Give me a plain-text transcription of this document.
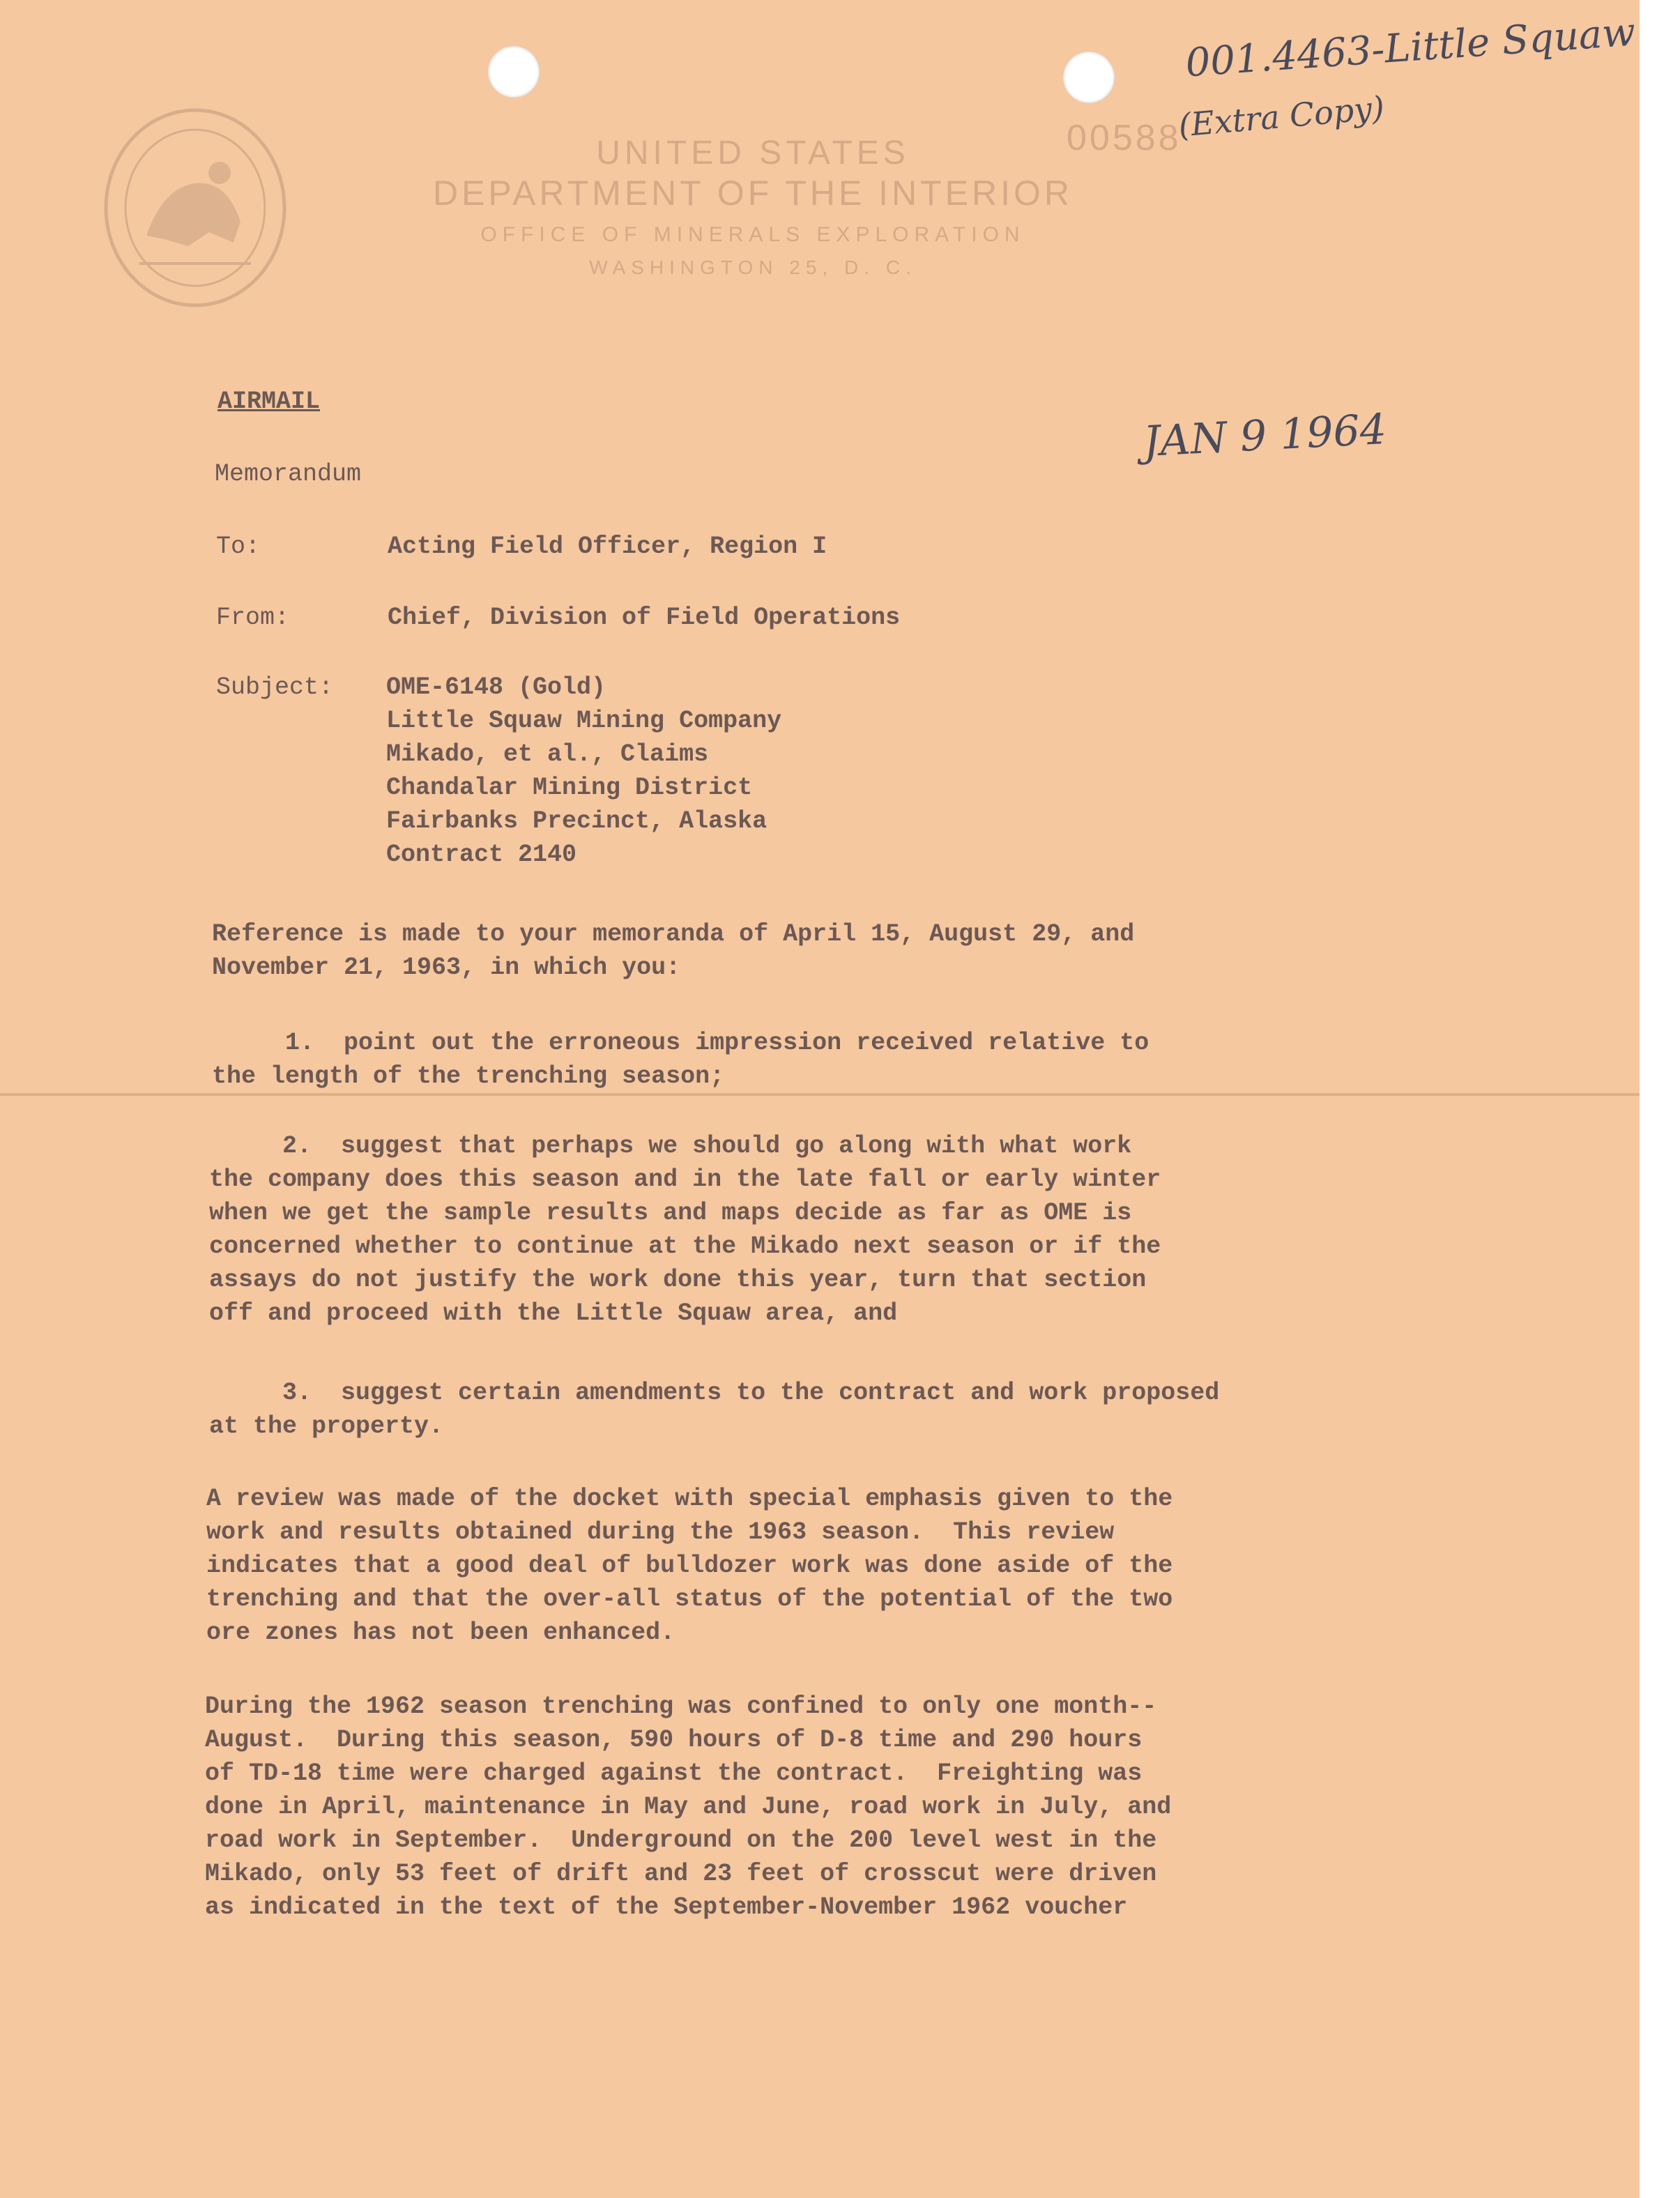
UNITED STATES
DEPARTMENT OF THE INTERIOR
OFFICE OF MINERALS EXPLORATION
WASHINGTON 25, D. C.
00588
001.4463-Little Squaw
(Extra Copy)
JAN 9 1964
AIRMAIL
Memorandum
To:	Acting Field Officer, Region I
From:	Chief, Division of Field Operations
Subject: OME-6148 (Gold)
Little Squaw Mining Company
Mikado, et al., Claims
Chandalar Mining District
Fairbanks Precinct, Alaska
Contract 2140
Reference is made to your memoranda of April 15, August 29, and
November 21, 1963, in which you:
1.  point out the erroneous impression received relative to
the length of the trenching season;
2.  suggest that perhaps we should go along with what work
the company does this season and in the late fall or early winter
when we get the sample results and maps decide as far as OME is
concerned whether to continue at the Mikado next season or if the
assays do not justify the work done this year, turn that section
off and proceed with the Little Squaw area, and
3.  suggest certain amendments to the contract and work proposed
at the property.
A review was made of the docket with special emphasis given to the
work and results obtained during the 1963 season.  This review
indicates that a good deal of bulldozer work was done aside of the
trenching and that the over-all status of the potential of the two
ore zones has not been enhanced.
During the 1962 season trenching was confined to only one month--
August.  During this season, 590 hours of D-8 time and 290 hours
of TD-18 time were charged against the contract.  Freighting was
done in April, maintenance in May and June, road work in July, and
road work in September.  Underground on the 200 level west in the
Mikado, only 53 feet of drift and 23 feet of crosscut were driven
as indicated in the text of the September-November 1962 voucher
